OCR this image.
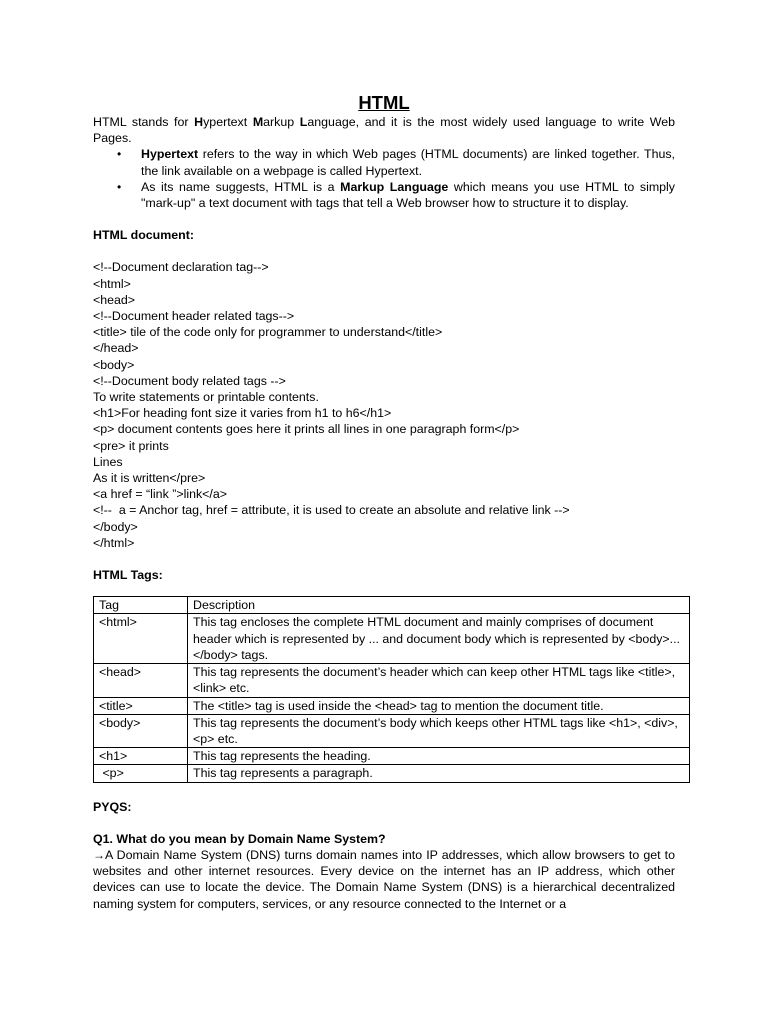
HTML

HTML stands for Hypertext Markup Language, and it is the most widely used language to write Web Pages.

• Hypertext refers to the way in which Web pages (HTML documents) are linked together. Thus, the link available on a webpage is called Hypertext.
• As its name suggests, HTML is a Markup Language which means you use HTML to simply "mark-up" a text document with tags that tell a Web browser how to structure it to display.

HTML document:

<!--Document declaration tag-->
<html>
<head>
<!--Document header related tags-->
<title> tile of the code only for programmer to understand</title>
</head>
<body>
<!--Document body related tags -->
To write statements or printable contents.
<h1>For heading font size it varies from h1 to h6</h1>
<p> document contents goes here it prints all lines in one paragraph form</p>
<pre> it prints
Lines
As it is written</pre>
<a href = “link ”>link</a>
<!--  a = Anchor tag, href = attribute, it is used to create an absolute and relative link -->
</body>
</html>

HTML Tags:

Tag	Description
<html>	This tag encloses the complete HTML document and mainly comprises of document header which is represented by ... and document body which is represented by <body>...</body> tags.
<head>	This tag represents the document’s header which can keep other HTML tags like <title>,<link> etc.
<title>	The <title> tag is used inside the <head> tag to mention the document title.
<body>	This tag represents the document’s body which keeps other HTML tags like <h1>, <div>,<p> etc.
<h1>	This tag represents the heading.
<p>	This tag represents a paragraph.

PYQS:

Q1. What do you mean by Domain Name System?

→A Domain Name System (DNS) turns domain names into IP addresses, which allow browsers to get to websites and other internet resources. Every device on the internet has an IP address, which other devices can use to locate the device. The Domain Name System (DNS) is a hierarchical decentralized naming system for computers, services, or any resource connected to the Internet or a
